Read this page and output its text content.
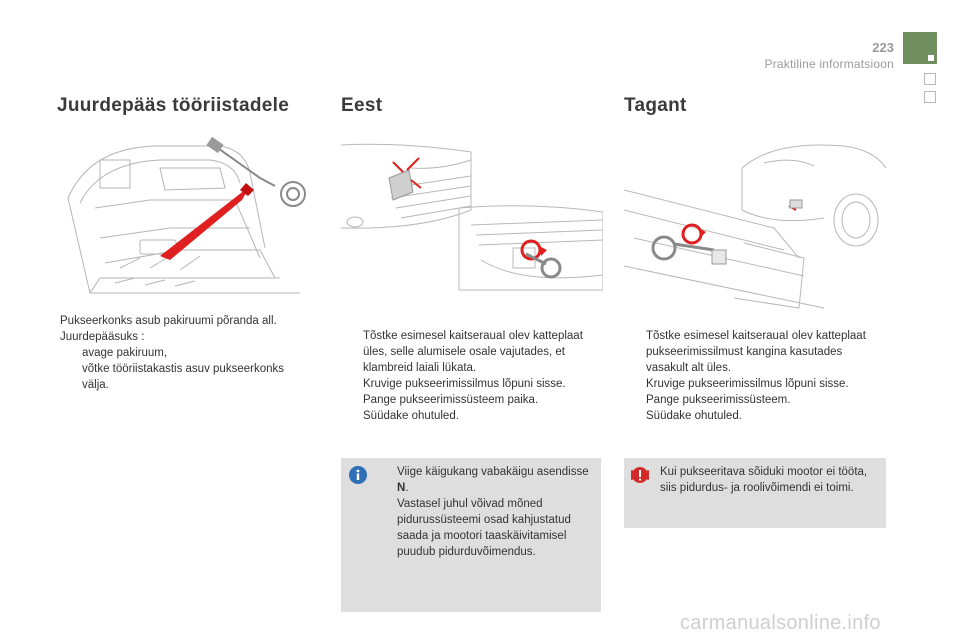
223
Praktiline informatsioon
Juurdepääs tööriistadele	Eest	Tagant

Pukseerkonks asub pakiruumi põranda all.

Juurdepääsuks :

avage pakiruum,
võtke tööriistakastis asuv pukseerkonks välja.
Tõstke esimesel kaitserauaI olev katteplaat üles, selle alumisele osale vajutades, et klambreid laiali lükata.
Kruvige pukseerimissilmus lõpuni sisse.
Pange pukseerimissüsteem paika.
Süüdake ohutuled.
Tõstke esimesel kaitserauaI olev katteplaat pukseerimissilmust kangina kasutades vasakult alt üles.
Kruvige pukseerimissilmus lõpuni sisse.
Pange pukseerimissüsteem.
Süüdake ohutuled.
Viige käigukang vabakäigu asendisse N.
Vastasel juhul võivad mõned pidurussüsteemi osad kahjustatud saada ja mootori taaskäivitamisel puudub pidurduvõimendus.
Kui pukseeritava sõiduki mootor ei tööta, siis pidurdus- ja roolivõimendi ei toimi.
carmanualsonline.info
